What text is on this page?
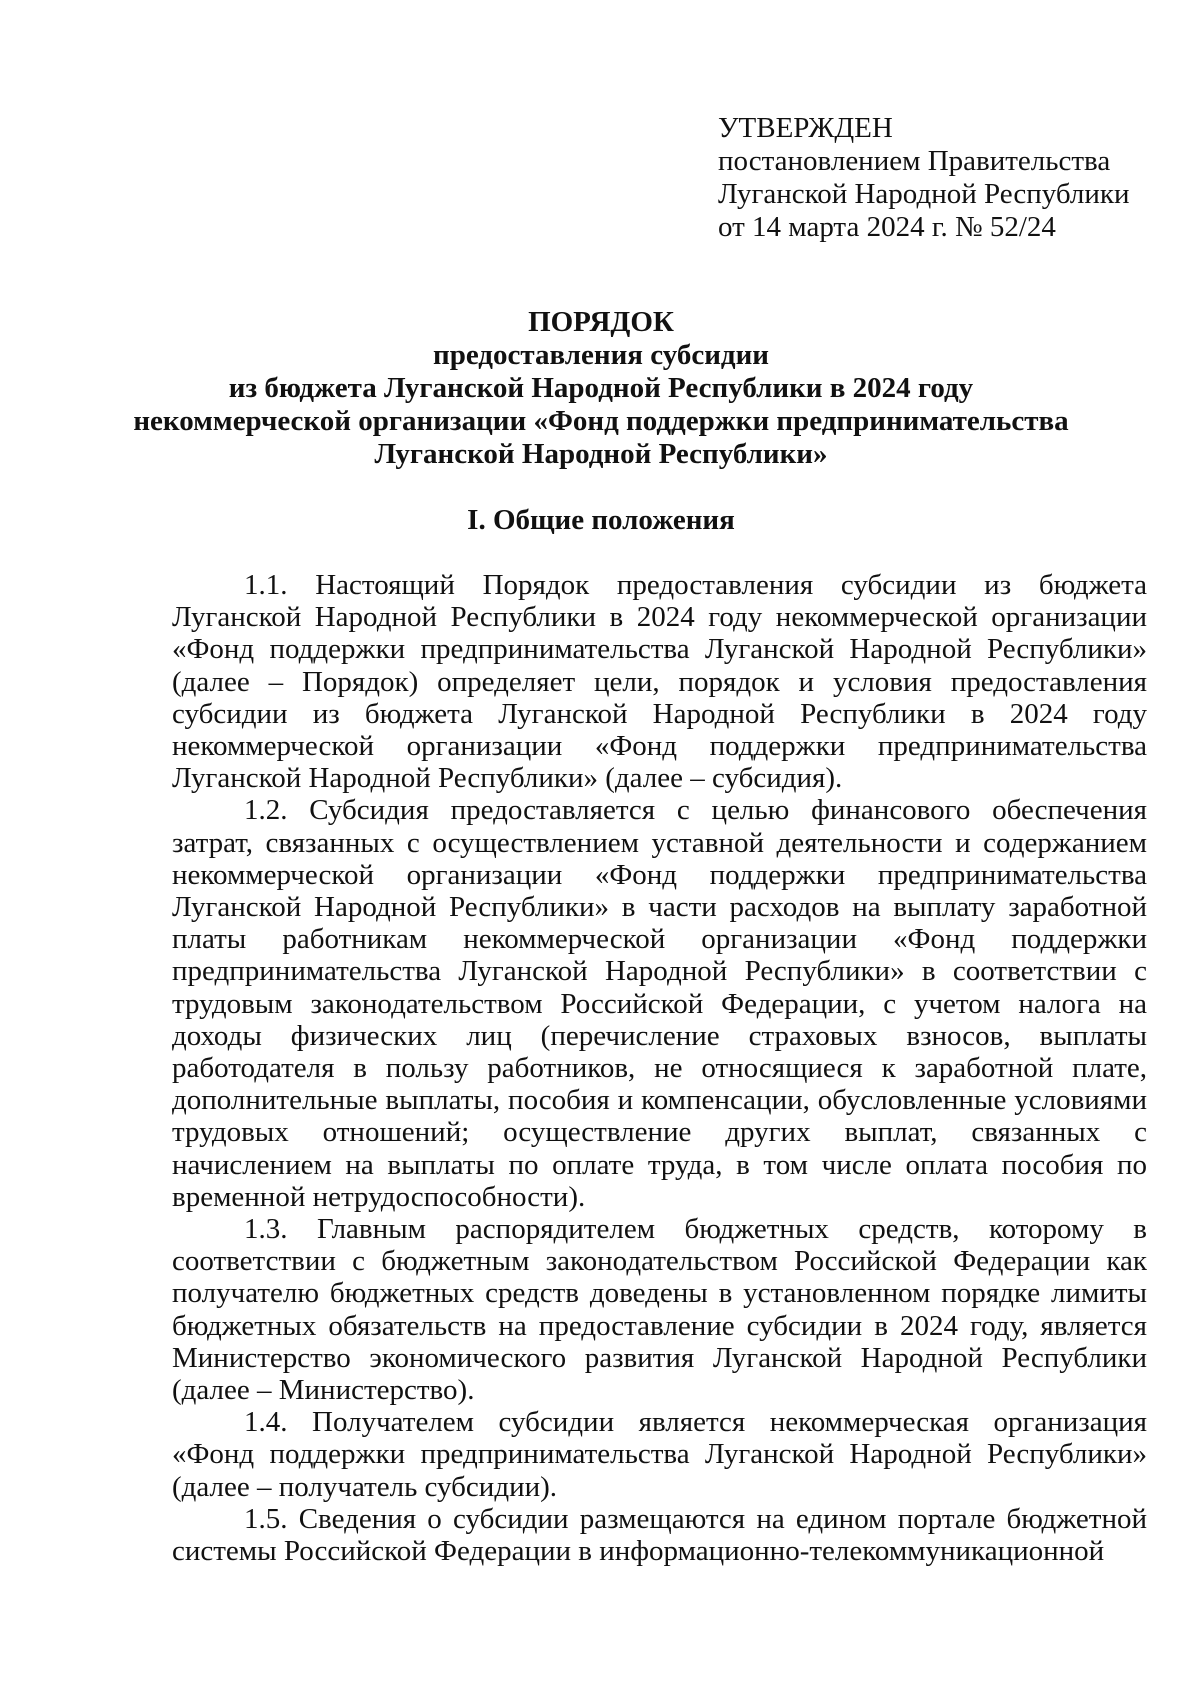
УТВЕРЖДЕН
постановлением Правительства
Луганской Народной Республики
от 14 марта 2024 г. № 52/24
ПОРЯДОК
предоставления субсидии
из бюджета Луганской Народной Республики в 2024 году
некоммерческой организации «Фонд поддержки предпринимательства
Луганской Народной Республики»
I. Общие положения

1.1. Настоящий Порядок предоставления субсидии из бюджета Луганской Народной Республики в 2024 году некоммерческой организации «Фонд поддержки предпринимательства Луганской Народной Республики» (далее – Порядок) определяет цели, порядок и условия предоставления субсидии из бюджета Луганской Народной Республики в 2024 году некоммерческой организации «Фонд поддержки предпринимательства Луганской Народной Республики» (далее – субсидия).

1.2. Субсидия предоставляется с целью финансового обеспечения затрат, связанных с осуществлением уставной деятельности и содержанием некоммерческой организации «Фонд поддержки предпринимательства Луганской Народной Республики» в части расходов на выплату заработной платы работникам некоммерческой организации «Фонд поддержки предпринимательства Луганской Народной Республики» в соответствии с трудовым законодательством Российской Федерации, с учетом налога на доходы физических лиц (перечисление страховых взносов, выплаты работодателя в пользу работников, не относящиеся к заработной плате, дополнительные выплаты, пособия и компенсации, обусловленные условиями трудовых отношений; осуществление других выплат, связанных с начислением на выплаты по оплате труда, в том числе оплата пособия по временной нетрудоспособности).

1.3. Главным распорядителем бюджетных средств, которому в соответствии с бюджетным законодательством Российской Федерации как получателю бюджетных средств доведены в установленном порядке лимиты бюджетных обязательств на предоставление субсидии в 2024 году, является Министерство экономического развития Луганской Народной Республики (далее – Министерство).

1.4. Получателем субсидии является некоммерческая организация «Фонд поддержки предпринимательства Луганской Народной Республики» (далее – получатель субсидии).

1.5. Сведения о субсидии размещаются на едином портале бюджетной системы Российской Федерации в информационно-телекоммуникационной
